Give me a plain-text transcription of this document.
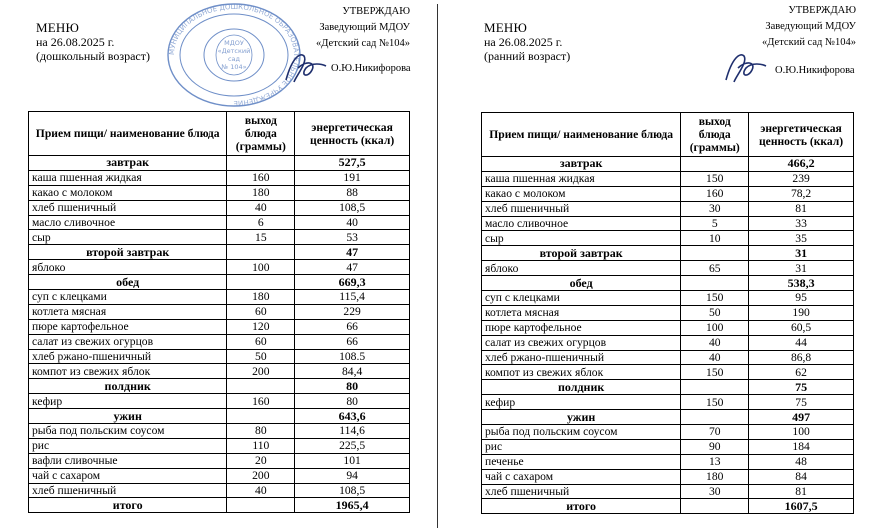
МЕНЮ
на 26.08.2025 г.
(дошкольный возраст)	МУНИЦИПАЛЬНОЕ ДОШКОЛЬНОЕ ОБРАЗОВАТЕЛЬНОЕ УЧРЕЖДЕНИЕ
МДОУ
«Детский
сад
№ 104»
УТВЕРЖДАЮ
Заведующий МДОУ
«Детский сад №104»
О.Ю.Никифорова
Прием пищи/ наименование блюда	выход блюда (граммы)	энергетическая ценность (ккал)
завтрак		527,5
каша пшенная жидкая	160	191
какао с молоком	180	88
хлеб пшеничный	40	108,5
масло сливочное	6	40
сыр	15	53
второй завтрак		47
яблоко	100	47
обед		669,3
суп с клецками	180	115,4
котлета мясная	60	229
пюре картофельное	120	66
салат из свежих огурцов	60	66
хлеб ржано-пшеничный	50	108.5
компот из свежих яблок	200	84,4
полдник		80
кефир	160	80
ужин		643,6
рыба под польским соусом	80	114,6
рис	110	225,5
вафли сливочные	20	101
чай с сахаром	200	94
хлеб пшеничный	40	108,5
итого		1965,4
МЕНЮ
на 26.08.2025 г.
(ранний возраст)
УТВЕРЖДАЮ
Заведующий МДОУ
«Детский сад №104»
О.Ю.Никифорова
Прием пищи/ наименование блюда	выход блюда (граммы)	энергетическая ценность (ккал)
завтрак		466,2
каша пшенная жидкая	150	239
какао с молоком	160	78,2
хлеб пшеничный	30	81
масло сливочное	5	33
сыр	10	35
второй завтрак		31
яблоко	65	31
обед		538,3
суп с клецками	150	95
котлета мясная	50	190
пюре картофельное	100	60,5
салат из свежих огурцов	40	44
хлеб ржано-пшеничный	40	86,8
компот из свежих яблок	150	62
полдник		75
кефир	150	75
ужин		497
рыба под польским соусом	70	100
рис	90	184
печенье	13	48
чай с сахаром	180	84
хлеб пшеничный	30	81
итого		1607,5
